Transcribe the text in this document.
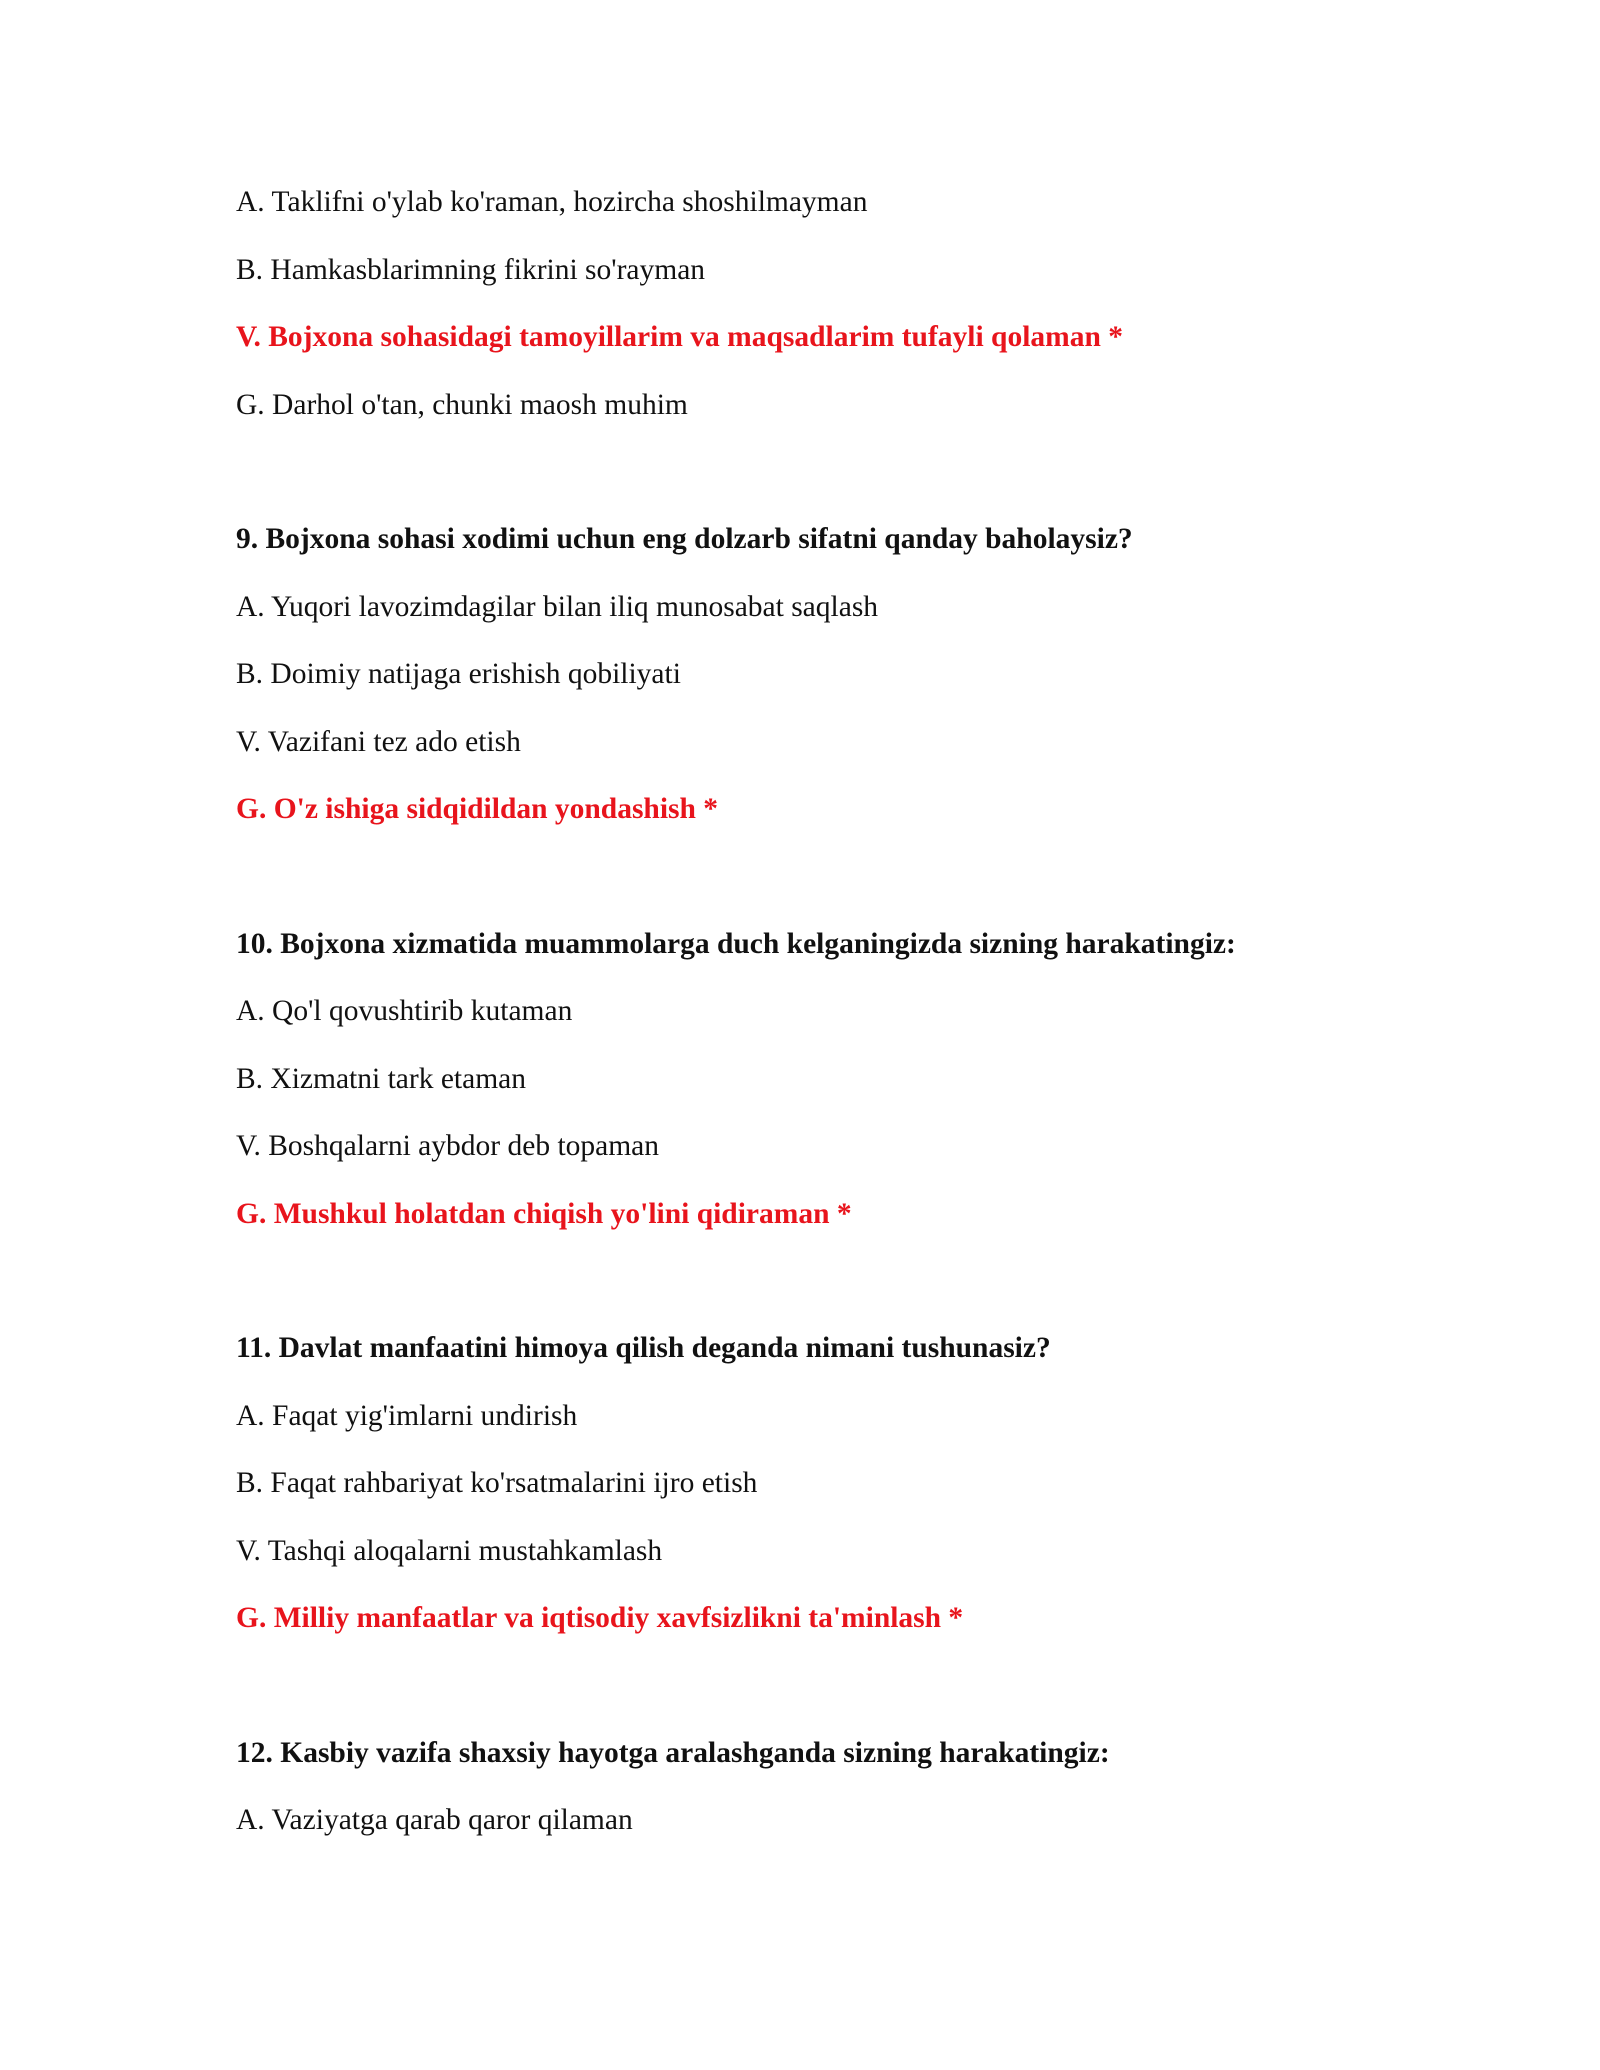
A. Taklifni o'ylab ko'raman, hozircha shoshilmayman
B. Hamkasblarimning fikrini so'rayman
V. Bojxona sohasidagi tamoyillarim va maqsadlarim tufayli qolaman *
G. Darhol o'tan, chunki maosh muhim
9. Bojxona sohasi xodimi uchun eng dolzarb sifatni qanday baholaysiz?
A. Yuqori lavozimdagilar bilan iliq munosabat saqlash
B. Doimiy natijaga erishish qobiliyati
V. Vazifani tez ado etish
G. O'z ishiga sidqidildan yondashish *
10. Bojxona xizmatida muammolarga duch kelganingizda sizning harakatingiz:
A. Qo'l qovushtirib kutaman
B. Xizmatni tark etaman
V. Boshqalarni aybdor deb topaman
G. Mushkul holatdan chiqish yo'lini qidiraman *
11. Davlat manfaatini himoya qilish deganda nimani tushunasiz?
A. Faqat yig'imlarni undirish
B. Faqat rahbariyat ko'rsatmalarini ijro etish
V. Tashqi aloqalarni mustahkamlash
G. Milliy manfaatlar va iqtisodiy xavfsizlikni ta'minlash *
12. Kasbiy vazifa shaxsiy hayotga aralashganda sizning harakatingiz:
A. Vaziyatga qarab qaror qilaman
